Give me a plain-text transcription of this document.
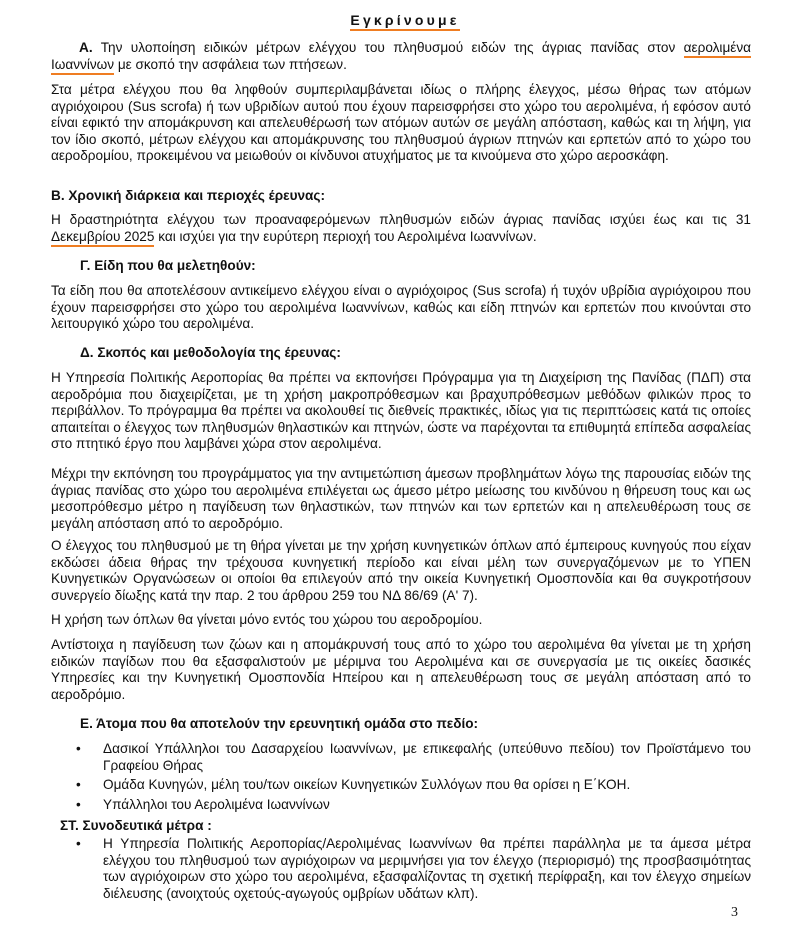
Εγκρίνουμε

Α. Την υλοποίηση ειδικών μέτρων ελέγχου του πληθυσμού ειδών της άγριας πανίδας στον αερολιμένα Ιωαννίνων με σκοπό την ασφάλεια των πτήσεων.

Στα μέτρα ελέγχου που θα ληφθούν συμπεριλαμβάνεται ιδίως ο πλήρης έλεγχος, μέσω θήρας των ατόμων αγριόχοιρου (Sus scrofa) ή των υβριδίων αυτού που έχουν παρεισφρήσει στο χώρο του αερολιμένα, ή εφόσον αυτό είναι εφικτό την απομάκρυνση και απελευθέρωσή των ατόμων αυτών σε μεγάλη απόσταση, καθώς και τη λήψη, για τον ίδιο σκοπό, μέτρων ελέγχου και απομάκρυνσης του πληθυσμού άγριων πτηνών και ερπετών από το χώρο του αεροδρομίου, προκειμένου να μειωθούν οι κίνδυνοι ατυχήματος με τα κινούμενα στο χώρο αεροσκάφη.

Β. Χρονική διάρκεια και περιοχές έρευνας:

Η δραστηριότητα ελέγχου των προαναφερόμενων πληθυσμών ειδών άγριας πανίδας ισχύει έως και τις 31 Δεκεμβρίου 2025 και ισχύει για την ευρύτερη περιοχή του Αερολιμένα Ιωαννίνων.

Γ. Είδη που θα μελετηθούν:

Τα είδη που θα αποτελέσουν αντικείμενο ελέγχου είναι ο αγριόχοιρος (Sus scrofa) ή τυχόν υβρίδια αγριόχοιρου που έχουν παρεισφρήσει στο χώρο του αερολιμένα Ιωαννίνων, καθώς και είδη πτηνών και ερπετών που κινούνται στο λειτουργικό χώρο του αερολιμένα.

Δ. Σκοπός και μεθοδολογία της έρευνας:

Η Υπηρεσία Πολιτικής Αεροπορίας θα πρέπει να εκπονήσει Πρόγραμμα για τη Διαχείριση της Πανίδας (ΠΔΠ) στα αεροδρόμια που διαχειρίζεται, με τη χρήση μακροπρόθεσμων και βραχυπρόθεσμων μεθόδων φιλικών προς το περιβάλλον. Το πρόγραμμα θα πρέπει να ακολουθεί τις διεθνείς πρακτικές, ιδίως για τις περιπτώσεις κατά τις οποίες απαιτείται ο έλεγχος των πληθυσμών θηλαστικών και πτηνών, ώστε να παρέχονται τα επιθυμητά επίπεδα ασφαλείας στο πτητικό έργο που λαμβάνει χώρα στον αερολιμένα.

Μέχρι την εκπόνηση του προγράμματος για την αντιμετώπιση άμεσων προβλημάτων λόγω της παρουσίας ειδών της άγριας πανίδας στο χώρο του αερολιμένα επιλέγεται ως άμεσο μέτρο μείωσης του κινδύνου η θήρευση τους και ως μεσοπρόθεσμο μέτρο η παγίδευση των θηλαστικών, των πτηνών και των ερπετών και η απελευθέρωση τους σε μεγάλη απόσταση από το αεροδρόμιο.

Ο έλεγχος του πληθυσμού με τη θήρα γίνεται με την χρήση κυνηγετικών όπλων από έμπειρους κυνηγούς που είχαν εκδώσει άδεια θήρας την τρέχουσα κυνηγετική περίοδο και είναι μέλη των συνεργαζόμενων με το ΥΠΕΝ Κυνηγετικών Οργανώσεων οι οποίοι θα επιλεγούν από την οικεία Κυνηγετική Ομοσπονδία και θα συγκροτήσουν συνεργείο δίωξης κατά την παρ. 2 του άρθρου 259 του ΝΔ 86/69 (Α' 7).

Η χρήση των όπλων θα γίνεται μόνο εντός του χώρου του αεροδρομίου.

Αντίστοιχα η παγίδευση των ζώων και η απομάκρυνσή τους από το χώρο του αερολιμένα θα γίνεται με τη χρήση ειδικών παγίδων που θα εξασφαλιστούν με μέριμνα του Αερολιμένα και σε συνεργασία με τις οικείες δασικές Υπηρεσίες και την Κυνηγετική Ομοσπονδία Ηπείρου και η απελευθέρωση τους σε μεγάλη απόσταση από το αεροδρόμιο.

Ε. Άτομα που θα αποτελούν την ερευνητική ομάδα στο πεδίο:

• Δασικοί Υπάλληλοι του Δασαρχείου Ιωαννίνων, με επικεφαλής (υπεύθυνο πεδίου) τον Προϊστάμενο του Γραφείου Θήρας
• Ομάδα Κυνηγών, μέλη του/των οικείων Κυνηγετικών Συλλόγων που θα ορίσει η Ε΄ΚΟΗ.
• Υπάλληλοι του Αερολιμένα Ιωαννίνων

ΣΤ. Συνοδευτικά μέτρα :

• Η Υπηρεσία Πολιτικής Αεροπορίας/Αερολιμένας Ιωαννίνων θα πρέπει παράλληλα με τα άμεσα μέτρα ελέγχου του πληθυσμού των αγριόχοιρων να μεριμνήσει για τον έλεγχο (περιορισμό) της προσβασιμότητας των αγριόχοιρων στο χώρο του αερολιμένα, εξασφαλίζοντας τη σχετική περίφραξη, και τον έλεγχο σημείων διέλευσης (ανοιχτούς οχετούς-αγωγούς ομβρίων υδάτων κλπ).
3
